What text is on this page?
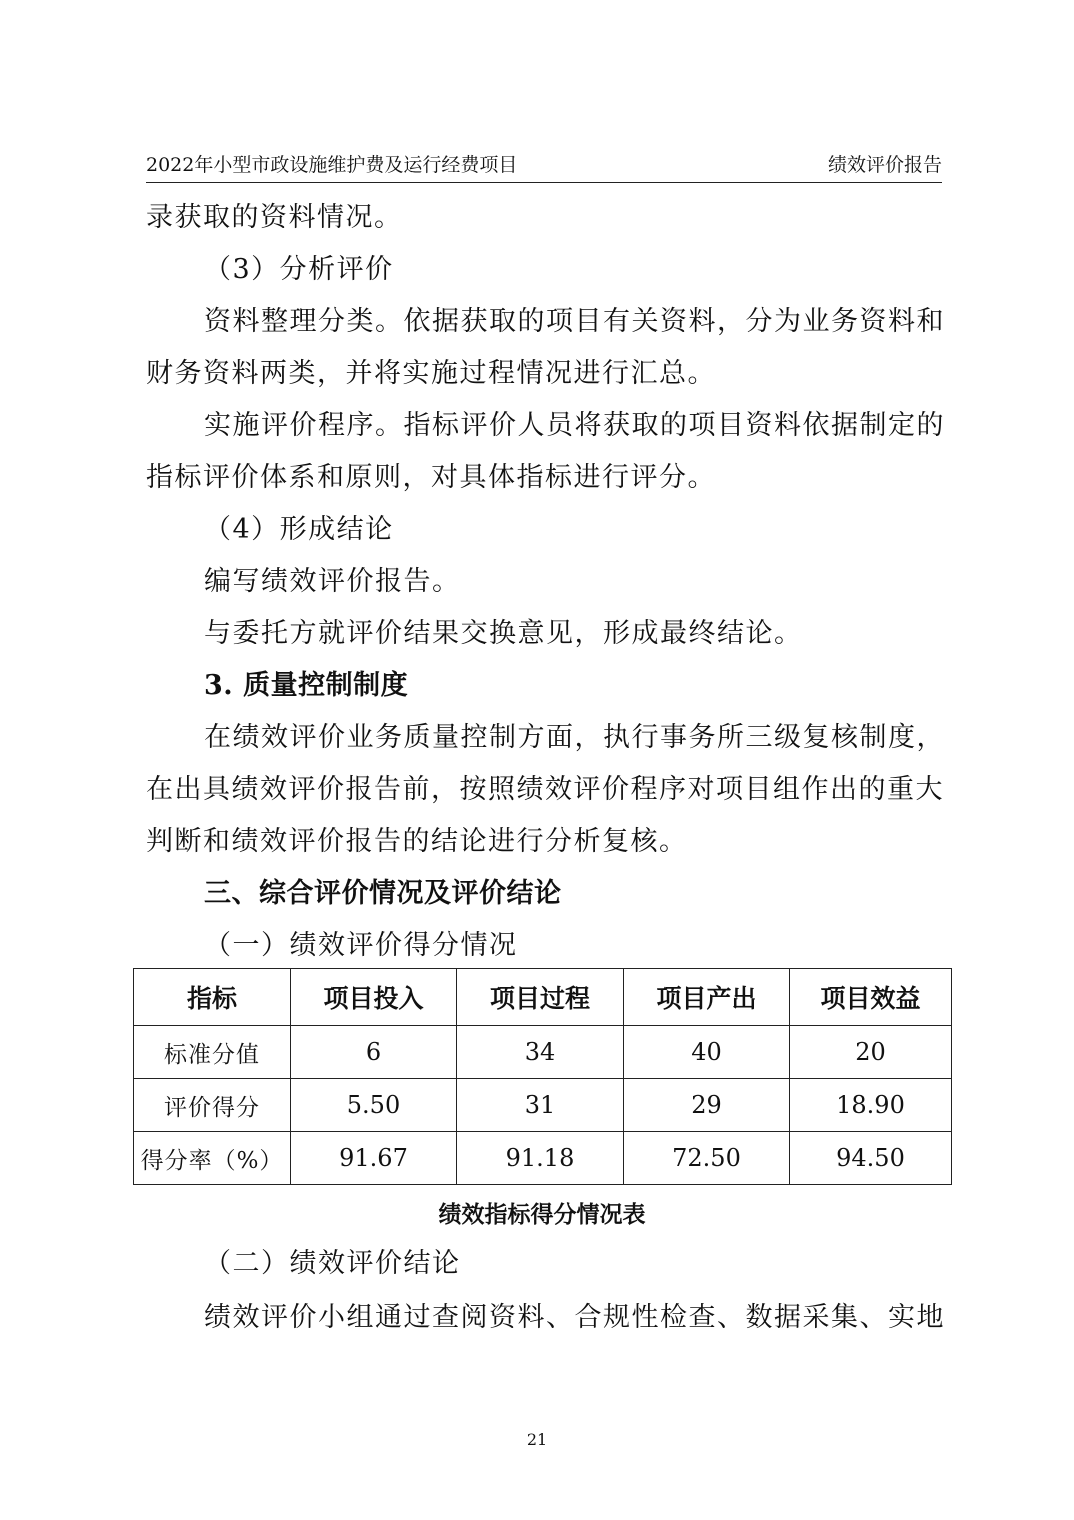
2022年小型市政设施维护费及运行经费项目	绩效评价报告
录获取的资料情况。
（3）分析评价
资料整理分类。依据获取的项目有关资料，分为业务资料和
财务资料两类，并将实施过程情况进行汇总。
实施评价程序。指标评价人员将获取的项目资料依据制定的
指标评价体系和原则，对具体指标进行评分。
（4）形成结论
编写绩效评价报告。
与委托方就评价结果交换意见，形成最终结论。
3. 质量控制制度
在绩效评价业务质量控制方面，执行事务所三级复核制度，
在出具绩效评价报告前，按照绩效评价程序对项目组作出的重大
判断和绩效评价报告的结论进行分析复核。
三、综合评价情况及评价结论
（一）绩效评价得分情况
指标	项目投入	项目过程	项目产出	项目效益
标准分值	6	34	40	20
评价得分	5.50	31	29	18.90
得分率（%）	91.67	91.18	72.50	94.50
绩效指标得分情况表
（二）绩效评价结论
绩效评价小组通过查阅资料、合规性检查、数据采集、实地
21
